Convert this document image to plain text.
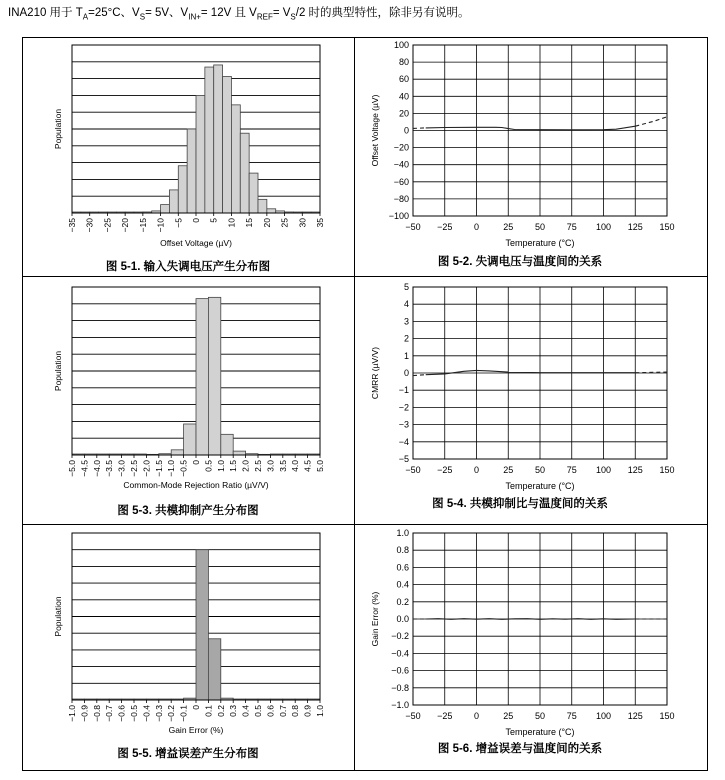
INA210 用于 $T_A=25^\circ C$、$V_S= 5V$、$V_{IN+}= 12V$ 且 $V_{REF}= V_S/2$ 时的典型特性，除非另有说明。
−35 −30 −25 −20 −15 −10 −5 0 5 10 15 20 25 30 35
Offset Voltage (µV)
Population
图 5-1. 输入失调电压产生分布图
−50 −25 0	25 50 75 100 125 150
−100
−80
−60
−40
−20
0
20
40
60
80
100
Temperature (°C)
Offset Voltage (µV)
图 5-2. 失调电压与温度间的关系
−5.0 −4.5 −4.0 −3.5 −3.0 −2.5 −2.0 −1.5 −1.0 −0.5 0 0.5 1.0 1.5 2.0 2.5 3.0 3.5 4.0 4.5 5.0
Common-Mode Rejection Ratio (µV/V)
Population
图 5-3. 共模抑制产生分布图
−50 −25 0	25 50 75 100 125 150
−5
−4
−3
−2
−1
0
1
2
3
4
5
Temperature (°C)
CMRR (µV/V)
图 5-4. 共模抑制比与温度间的关系
−1.0 −0.9 −0.8 −0.7 −0.6 −0.5 −0.4 −0.3 −0.2 −0.1 0 0.1 0.2 0.3 0.4 0.5 0.6 0.7 0.8 0.9 1.0
Gain Error (%)
Population
图 5-5. 增益误差产生分布图
−50 −25 0	25 50 75 100 125 150
−1.0
−0.8
−0.6
−0.4
−0.2
0.0
0.2
0.4
0.6
0.8
1.0
Temperature (°C)
Gain Error (%)
图 5-6. 增益误差与温度间的关系
